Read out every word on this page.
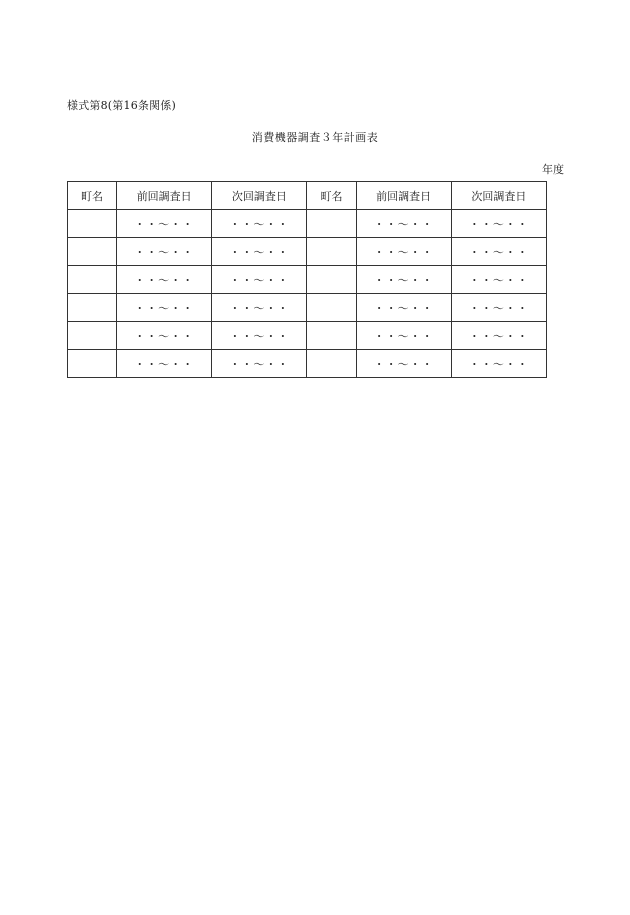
様式第8(第16条関係)
消費機器調査３年計画表
年度
町名	前回調査日	次回調査日	町名	前回調査日	次回調査日
	・・～・・	・・～・・		・・～・・	・・～・・
	・・～・・	・・～・・		・・～・・	・・～・・
	・・～・・	・・～・・		・・～・・	・・～・・
	・・～・・	・・～・・		・・～・・	・・～・・
	・・～・・	・・～・・		・・～・・	・・～・・
	・・～・・	・・～・・		・・～・・	・・～・・
